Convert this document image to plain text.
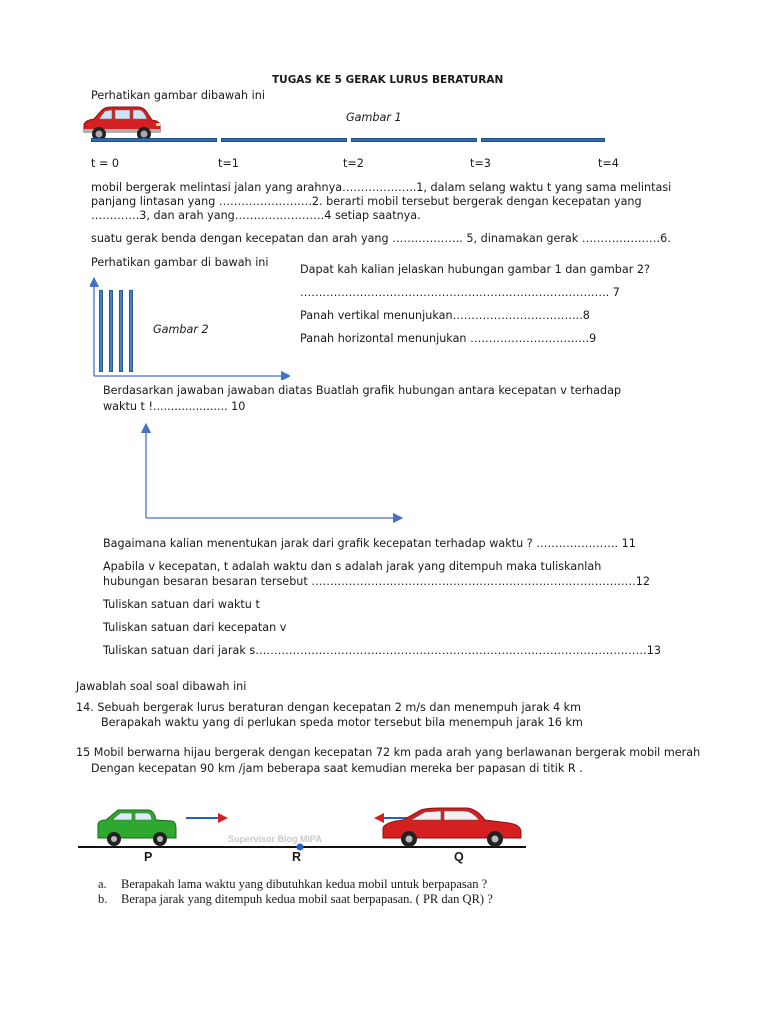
TUGAS KE 5 GERAK LURUS BERATURAN
Perhatikan gambar dibawah ini
Gambar 1
t = 0	t=1	t=2	t=3	t=4
mobil bergerak melintasi jalan yang arahnya………………..1, dalam selang waktu t yang sama melintasi
panjang lintasan yang …………………….2. berarti mobil tersebut bergerak dengan kecepatan yang
………….3, dan arah yang……………………4 setiap saatnya.
suatu gerak benda dengan kecepatan dan arah yang ………………. 5, dinamakan gerak …………………6.
Perhatikan gambar di bawah ini
Dapat kah kalian jelaskan hubungan gambar 1 dan gambar 2?
……………………………………………………………………….. 7
Panah vertikal menunjukan……………………………..8
Panah horizontal menunjukan …………………………..9
Gambar 2
Berdasarkan jawaban jawaban diatas Buatlah grafik hubungan antara kecepatan v terhadap
waktu t !..................... 10
Bagaimana kalian menentukan jarak dari grafik kecepatan terhadap waktu ? …………………. 11
Apabila v kecepatan, t adalah waktu dan s adalah jarak yang ditempuh maka tuliskanlah
hubungan besaran besaran tersebut ……………………………………………………………………………12
Tuliskan satuan dari waktu t
Tuliskan satuan dari kecepatan v
Tuliskan satuan dari jarak s……………………………………………………………………………………………13
Jawablah soal soal dibawah ini
14. Sebuah bergerak lurus beraturan dengan kecepatan 2 m/s dan menempuh jarak 4 km
Berapakah waktu yang di perlukan speda motor tersebut bila menempuh jarak 16 km
15 Mobil berwarna hijau bergerak dengan kecepatan 72 km pada arah yang berlawanan bergerak mobil merah
Dengan kecepatan 90 km /jam beberapa saat kemudian mereka ber papasan di titik R .
Supervisor Blog MIPA
P	R	Q
a. Berapakah lama waktu yang dibutuhkan kedua mobil untuk berpapasan ?
b. Berapa jarak yang ditempuh kedua mobil saat berpapasan. ( PR dan QR) ?
